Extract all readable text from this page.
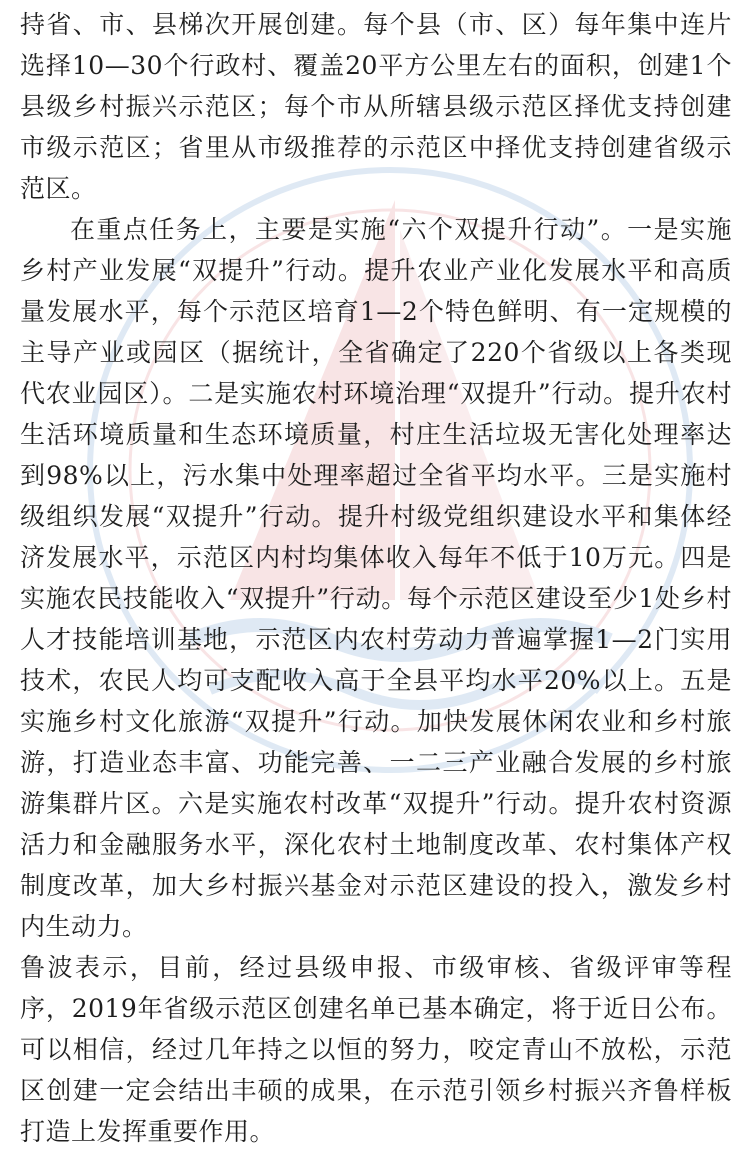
持省、市、县梯次开展创建。每个县（市、区）每年集中连片选择10—30个行政村、覆盖20平方公里左右的面积，创建1个县级乡村振兴示范区；每个市从所辖县级示范区择优支持创建市级示范区；省里从市级推荐的示范区中择优支持创建省级示范区。

在重点任务上，主要是实施“六个双提升行动”。一是实施乡村产业发展“双提升”行动。提升农业产业化发展水平和高质量发展水平，每个示范区培育1—2个特色鲜明、有一定规模的主导产业或园区（据统计，全省确定了220个省级以上各类现代农业园区）。二是实施农村环境治理“双提升”行动。提升农村生活环境质量和生态环境质量，村庄生活垃圾无害化处理率达到98%以上，污水集中处理率超过全省平均水平。三是实施村级组织发展“双提升”行动。提升村级党组织建设水平和集体经济发展水平，示范区内村均集体收入每年不低于10万元。四是实施农民技能收入“双提升”行动。每个示范区建设至少1处乡村人才技能培训基地，示范区内农村劳动力普遍掌握1—2门实用技术，农民人均可支配收入高于全县平均水平20%以上。五是实施乡村文化旅游“双提升”行动。加快发展休闲农业和乡村旅游，打造业态丰富、功能完善、一二三产业融合发展的乡村旅游集群片区。六是实施农村改革“双提升”行动。提升农村资源活力和金融服务水平，深化农村土地制度改革、农村集体产权制度改革，加大乡村振兴基金对示范区建设的投入，激发乡村内生动力。

鲁波表示，目前，经过县级申报、市级审核、省级评审等程序，2019年省级示范区创建名单已基本确定，将于近日公布。可以相信，经过几年持之以恒的努力，咬定青山不放松，示范区创建一定会结出丰硕的成果，在示范引领乡村振兴齐鲁样板打造上发挥重要作用。
